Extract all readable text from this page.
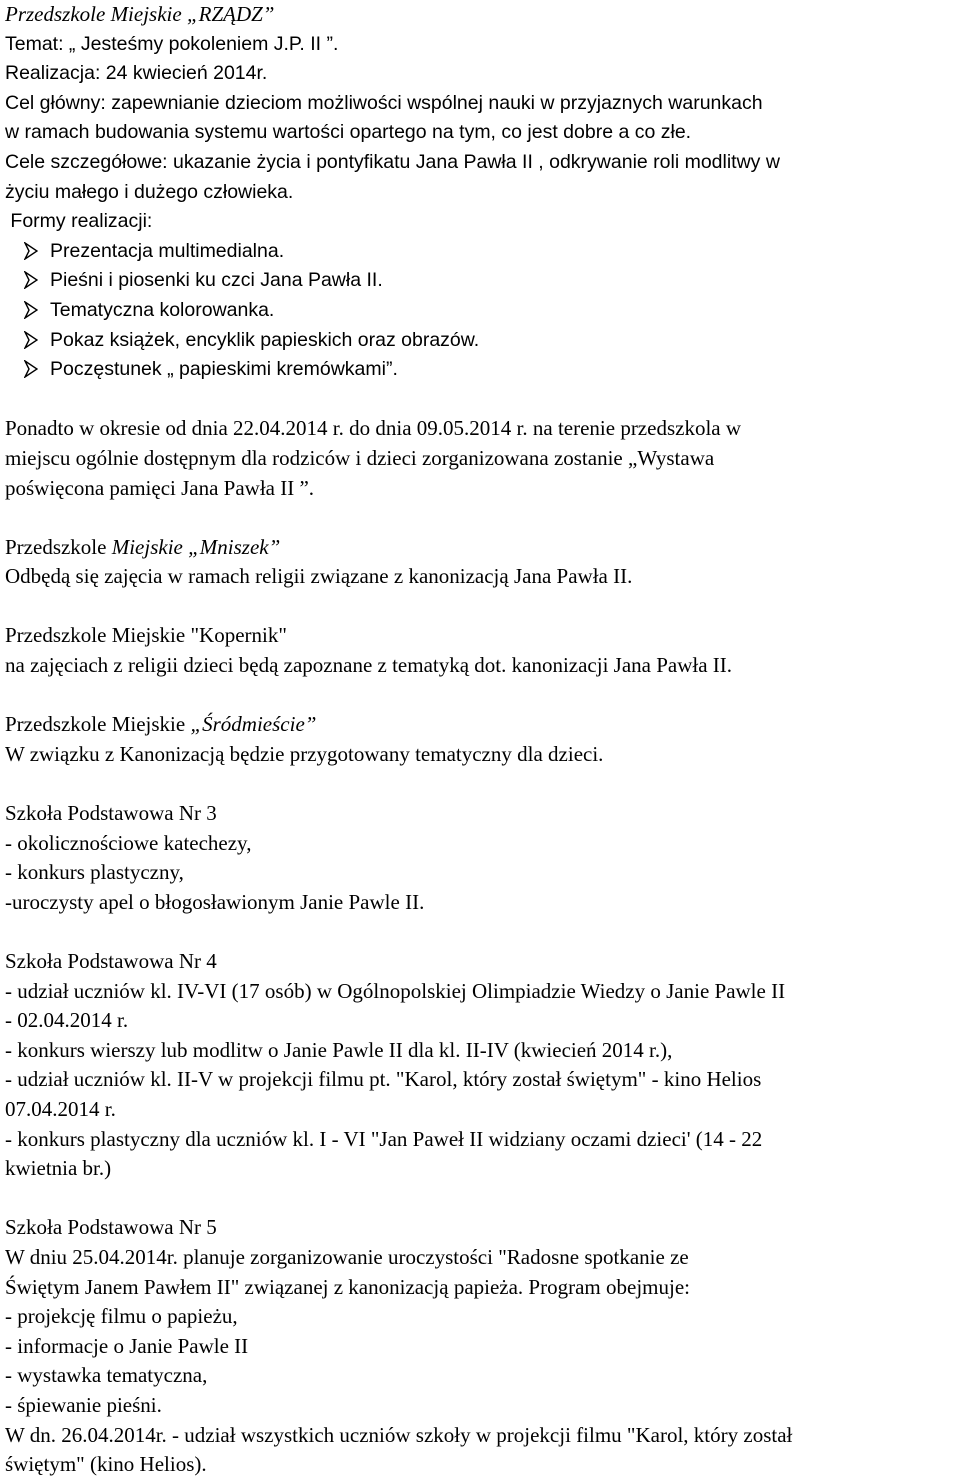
Przedszkole Miejskie „RZĄDZ”
Temat: „ Jesteśmy pokoleniem J.P. II ”.
Realizacja: 24 kwiecień 2014r.
Cel główny: zapewnianie dzieciom możliwości wspólnej nauki w przyjaznych warunkach
w ramach budowania systemu wartości opartego na tym, co jest dobre a co złe.
Cele szczegółowe: ukazanie życia i pontyfikatu Jana Pawła II , odkrywanie roli modlitwy w
życiu małego i dużego człowieka.
Formy realizacji:
Prezentacja multimedialna.
Pieśni i piosenki ku czci Jana Pawła II.
Tematyczna kolorowanka.
Pokaz książek, encyklik papieskich oraz obrazów.
Poczęstunek „ papieskimi kremówkami”.
Ponadto w okresie od dnia 22.04.2014 r. do dnia 09.05.2014 r. na terenie przedszkola w
miejscu ogólnie dostępnym dla rodziców i dzieci zorganizowana zostanie „Wystawa
poświęcona pamięci Jana Pawła II ”.
Przedszkole Miejskie „Mniszek”
Odbędą się zajęcia w ramach religii związane z kanonizacją Jana Pawła II.
Przedszkole Miejskie "Kopernik"
na zajęciach z religii dzieci będą zapoznane z tematyką dot. kanonizacji Jana Pawła II.
Przedszkole Miejskie „Śródmieście”
W związku z Kanonizacją będzie przygotowany tematyczny dla dzieci.
Szkoła Podstawowa Nr 3
- okolicznościowe katechezy,
- konkurs plastyczny,
-uroczysty apel o błogosławionym Janie Pawle II.
Szkoła Podstawowa Nr 4
- udział uczniów kl. IV-VI (17 osób) w Ogólnopolskiej Olimpiadzie Wiedzy o Janie Pawle II
- 02.04.2014 r.
- konkurs wierszy lub modlitw o Janie Pawle II dla kl. II-IV (kwiecień 2014 r.),
- udział uczniów kl. II-V w projekcji filmu pt. "Karol, który został świętym" - kino Helios
07.04.2014 r.
- konkurs plastyczny dla uczniów kl. I - VI "Jan Paweł II widziany oczami dzieci' (14 - 22
kwietnia br.)
Szkoła Podstawowa Nr 5
W dniu 25.04.2014r. planuje zorganizowanie uroczystości "Radosne spotkanie ze
Świętym Janem Pawłem II" związanej z kanonizacją papieża. Program obejmuje:
- projekcję filmu o papieżu,
- informacje o Janie Pawle II
- wystawka tematyczna,
- śpiewanie pieśni.
W dn. 26.04.2014r. - udział wszystkich uczniów szkoły w projekcji filmu "Karol, który został
świętym" (kino Helios).
